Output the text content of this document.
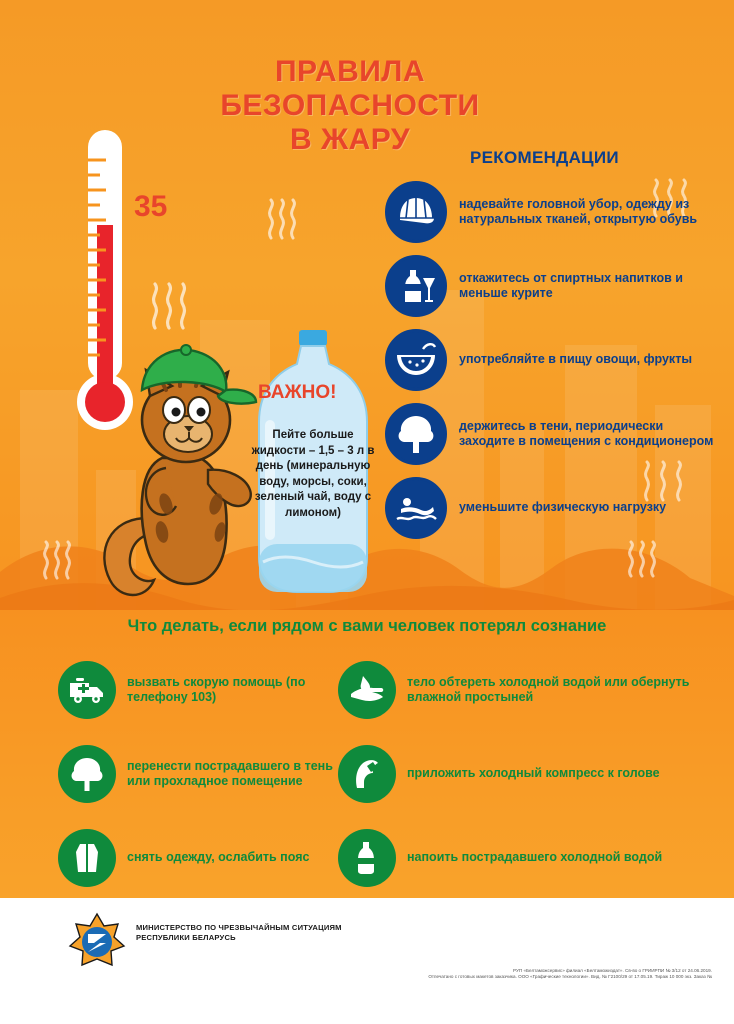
ПРАВИЛА
БЕЗОПАСНОСТИ
В ЖАРУ
35
ВАЖНО!
Пейте больше жидкости – 1,5 – 3 л в день (минеральную воду, морсы, соки, зеленый чай, воду с лимоном)
РЕКОМЕНДАЦИИ
надевайте головной убор, одежду из натуральных тканей, открытую обувь
откажитесь от спиртных напитков и меньше курите
употребляйте в пищу овощи, фрукты
держитесь в тени, периодически заходите в помещения с кондиционером
уменьшите физическую нагрузку
Что делать, если рядом с вами человек потерял сознание
вызвать скорую помощь (по телефону 103)
тело обтереть холодной водой или обернуть влажной простыней
перенести пострадавшего в тень или прохладное помещение
приложить холодный компресс к голове
снять одежду, ослабить пояс	напоить пострадавшего холодной водой
МИНИСТЕРСТВО ПО ЧРЕЗВЫЧАЙНЫМ СИТУАЦИЯМ
РЕСПУБЛИКИ БЕЛАРУСЬ
РУП «Белтаможсервис» филиал «Белтаможиздат». Св-во о ГРИИРПИ № 3/12 от 24.06.2019.
Отпечатано с готовых макетов заказчика. ООО «Графические технологии». Вид. № Г2100/29 от 17.05.19. Тираж 10 000 экз. Заказ №
